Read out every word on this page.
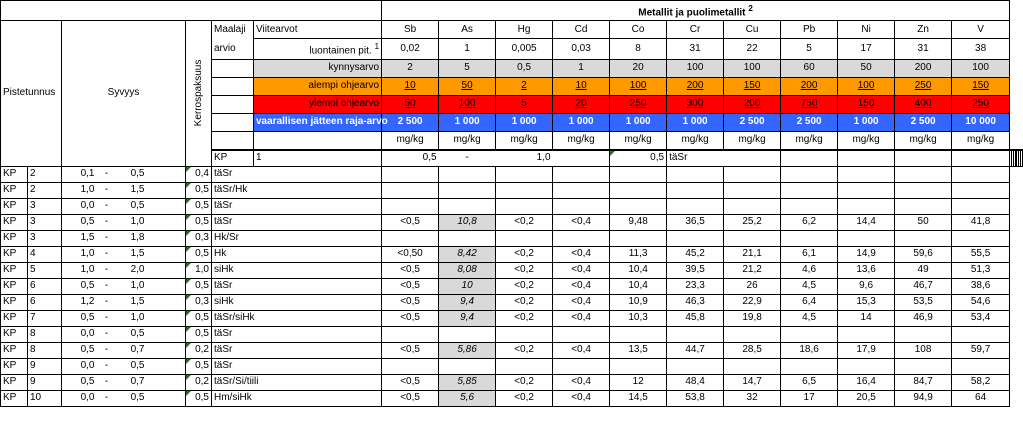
									Metallit ja puolimetallit $^2$
Pistetunnus		Syvyys				Kerrospaksuus	Maalaji	Viitearvot	Sb	As	Hg	Cd	Co	Cr	Cu	Pb	Ni	Zn	V						
							arvio	luontainen pit. $^1$	0,02	1	0,005	0,03	8	31	22	5	17	31	38						
								kynnysarvo	2	5	0,5	1	20	100	100	60	50	200	100						
								alempi ohjearvo	10	50	2	10	100	200	150	200	100	250	150						
								ylempi ohjearvo	50	100	5	20	250	300	200	750	150	400	250						
								vaarallisen jätteen raja-arvo	2 500	1 000	1 000	1 000	1 000	1 000	2 500	2 500	1 000	2 500	10 000						
									mg/kg	mg/kg	mg/kg	mg/kg	mg/kg	mg/kg	mg/kg	mg/kg	mg/kg	mg/kg	mg/kg						
							KP	1	0,5	-	1,0		0,5	täSr												
KP	2	0,1	-	0,5		0,4	täSr																		
KP	2	1,0	-	1,5		0,5	täSr/Hk																		
KP	3	0,0	-	0,5		0,5	täSr																		
KP	3	0,5	-	1,0		0,5	täSr		<0,5	10,8	<0,2	<0,4	9,48	36,5	25,2	6,2	14,4	50	41,8						
KP	3	1,5	-	1,8		0,3	Hk/Sr																		
KP	4	1,0	-	1,5		0,5	Hk		<0,50	8,42	<0,2	<0,4	11,3	45,2	21,1	6,1	14,9	59,6	55,5						
KP	5	1,0	-	2,0		1,0	siHk		<0,5	8,08	<0,2	<0,4	10,4	39,5	21,2	4,6	13,6	49	51,3						
KP	6	0,5	-	1,0		0,5	täSr		<0,5	10	<0,2	<0,4	10,4	23,3	26	4,5	9,6	46,7	38,6						
KP	6	1,2	-	1,5		0,3	siHk		<0,5	9,4	<0,2	<0,4	10,9	46,3	22,9	6,4	15,3	53,5	54,6						
KP	7	0,5	-	1,0		0,5	täSr/siHk		<0,5	9,4	<0,2	<0,4	10,3	45,8	19,8	4,5	14	46,9	53,4						
KP	8	0,0	-	0,5		0,5	täSr																		
KP	8	0,5	-	0,7		0,2	täSr		<0,5	5,86	<0,2	<0,4	13,5	44,7	28,5	18,6	17,9	108	59,7						
KP	9	0,0	-	0,5		0,5	täSr																		
KP	9	0,5	-	0,7		0,2	täSr/Si/tiili		<0,5	5,85	<0,2	<0,4	12	48,4	14,7	6,5	16,4	84,7	58,2						
KP	10	0,0	-	0,5		0,5	Hm/siHk		<0,5	5,6	<0,2	<0,4	14,5	53,8	32	17	20,5	94,9	64						
